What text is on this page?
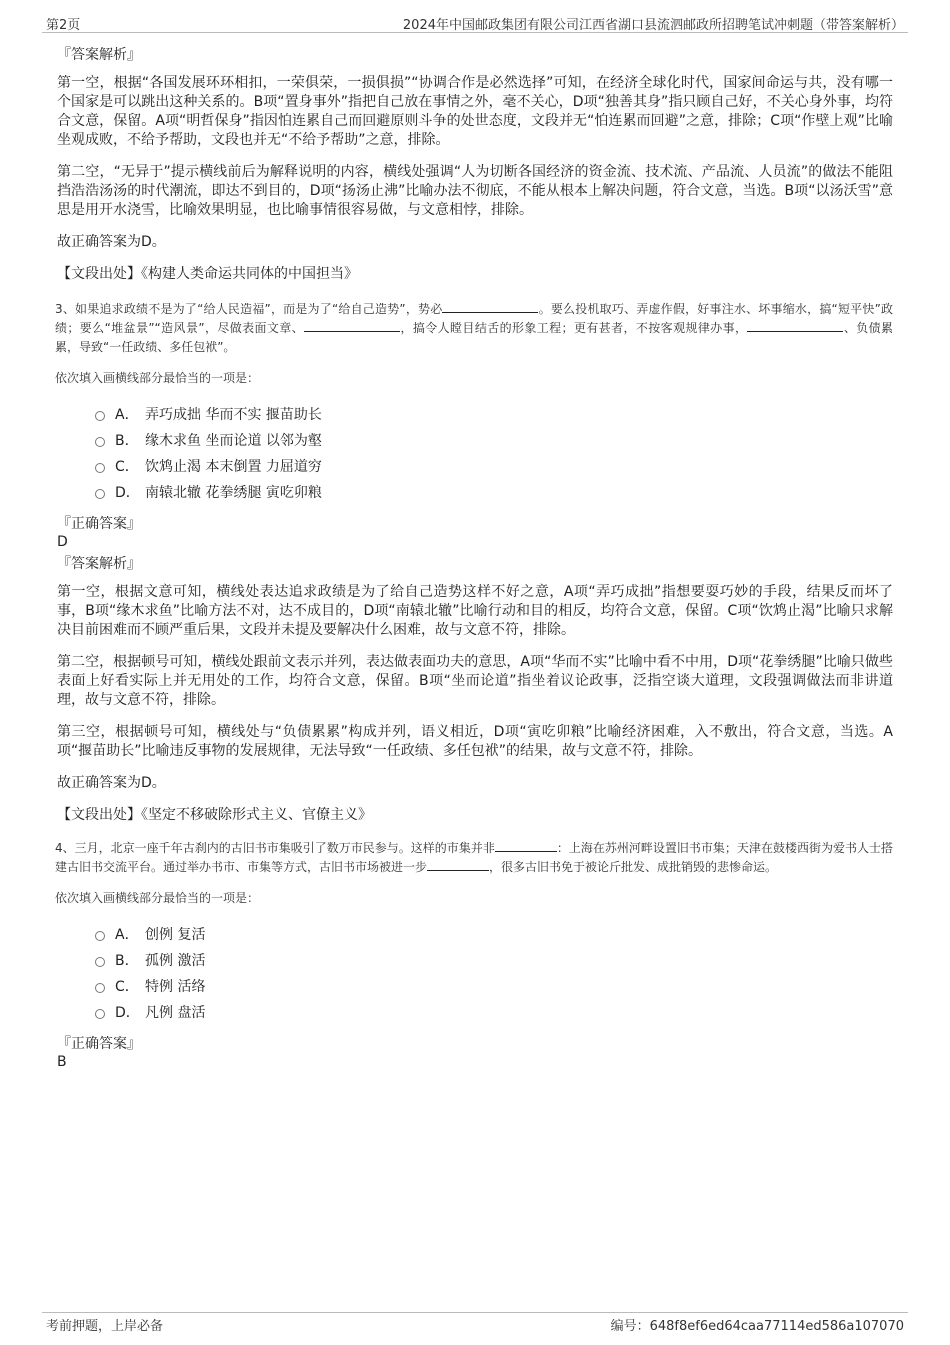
第2页	2024年中国邮政集团有限公司江西省湖口县流泗邮政所招聘笔试冲刺题（带答案解析）
『答案解析』

第一空，根据“各国发展环环相扣，一荣俱荣，一损俱损”“协调合作是必然选择”可知，在经济全球化时代，国家间命运与共，没有哪一个国家是可以跳出这种关系的。B项“置身事外”指把自己放在事情之外，毫不关心，D项“独善其身”指只顾自己好，不关心身外事，均符合文意，保留。A项“明哲保身”指因怕连累自己而回避原则斗争的处世态度，文段并无“怕连累而回避”之意，排除；C项“作壁上观”比喻坐观成败，不给予帮助，文段也并无“不给予帮助”之意，排除。

第二空，“无异于”提示横线前后为解释说明的内容，横线处强调“人为切断各国经济的资金流、技术流、产品流、人员流”的做法不能阻挡浩浩汤汤的时代潮流，即达不到目的，D项“扬汤止沸”比喻办法不彻底，不能从根本上解决问题，符合文意，当选。B项“以汤沃雪”意思是用开水浇雪，比喻效果明显，也比喻事情很容易做，与文意相悖，排除。

故正确答案为D。

【文段出处】《构建人类命运共同体的中国担当》

3、如果追求政绩不是为了“给人民造福”，而是为了“给自己造势”，势必	。要么投机取巧、弄虚作假，好事注水、坏事缩水，搞“短平快”政绩；要么“堆盆景”“造风景”，尽做表面文章、	，搞令人瞠目结舌的形象工程；更有甚者，不按客观规律办事，	、负债累累，导致“一任政绩、多任包袱”。
依次填入画横线部分最恰当的一项是：
A． 弄巧成拙 华而不实 揠苗助长
B． 缘木求鱼 坐而论道 以邻为壑
C． 饮鸩止渴 本末倒置 力屈道穷
D． 南辕北辙 花拳绣腿 寅吃卯粮
『正确答案』
D
『答案解析』

第一空，根据文意可知，横线处表达追求政绩是为了给自己造势这样不好之意，A项“弄巧成拙”指想要耍巧妙的手段，结果反而坏了事，B项“缘木求鱼”比喻方法不对，达不成目的，D项“南辕北辙”比喻行动和目的相反，均符合文意，保留。C项“饮鸩止渴”比喻只求解决目前困难而不顾严重后果，文段并未提及要解决什么困难，故与文意不符，排除。

第二空，根据顿号可知，横线处跟前文表示并列，表达做表面功夫的意思，A项“华而不实”比喻中看不中用，D项“花拳绣腿”比喻只做些表面上好看实际上并无用处的工作，均符合文意，保留。B项“坐而论道”指坐着议论政事，泛指空谈大道理，文段强调做法而非讲道理，故与文意不符，排除。

第三空，根据顿号可知，横线处与“负债累累”构成并列，语义相近，D项“寅吃卯粮”比喻经济困难，入不敷出，符合文意，当选。A项“揠苗助长”比喻违反事物的发展规律，无法导致“一任政绩、多任包袱”的结果，故与文意不符，排除。

故正确答案为D。

【文段出处】《坚定不移破除形式主义、官僚主义》

4、三月，北京一座千年古刹内的古旧书市集吸引了数万市民参与。这样的市集并非	：上海在苏州河畔设置旧书市集；天津在鼓楼西街为爱书人士搭建古旧书交流平台。通过举办书市、市集等方式，古旧书市场被进一步	，很多古旧书免于被论斤批发、成批销毁的悲惨命运。
依次填入画横线部分最恰当的一项是：
A． 创例 复活
B． 孤例 激活
C． 特例 活络
D． 凡例 盘活
『正确答案』
B
考前押题，上岸必备	编号：648f8ef6ed64caa77114ed586a107070
